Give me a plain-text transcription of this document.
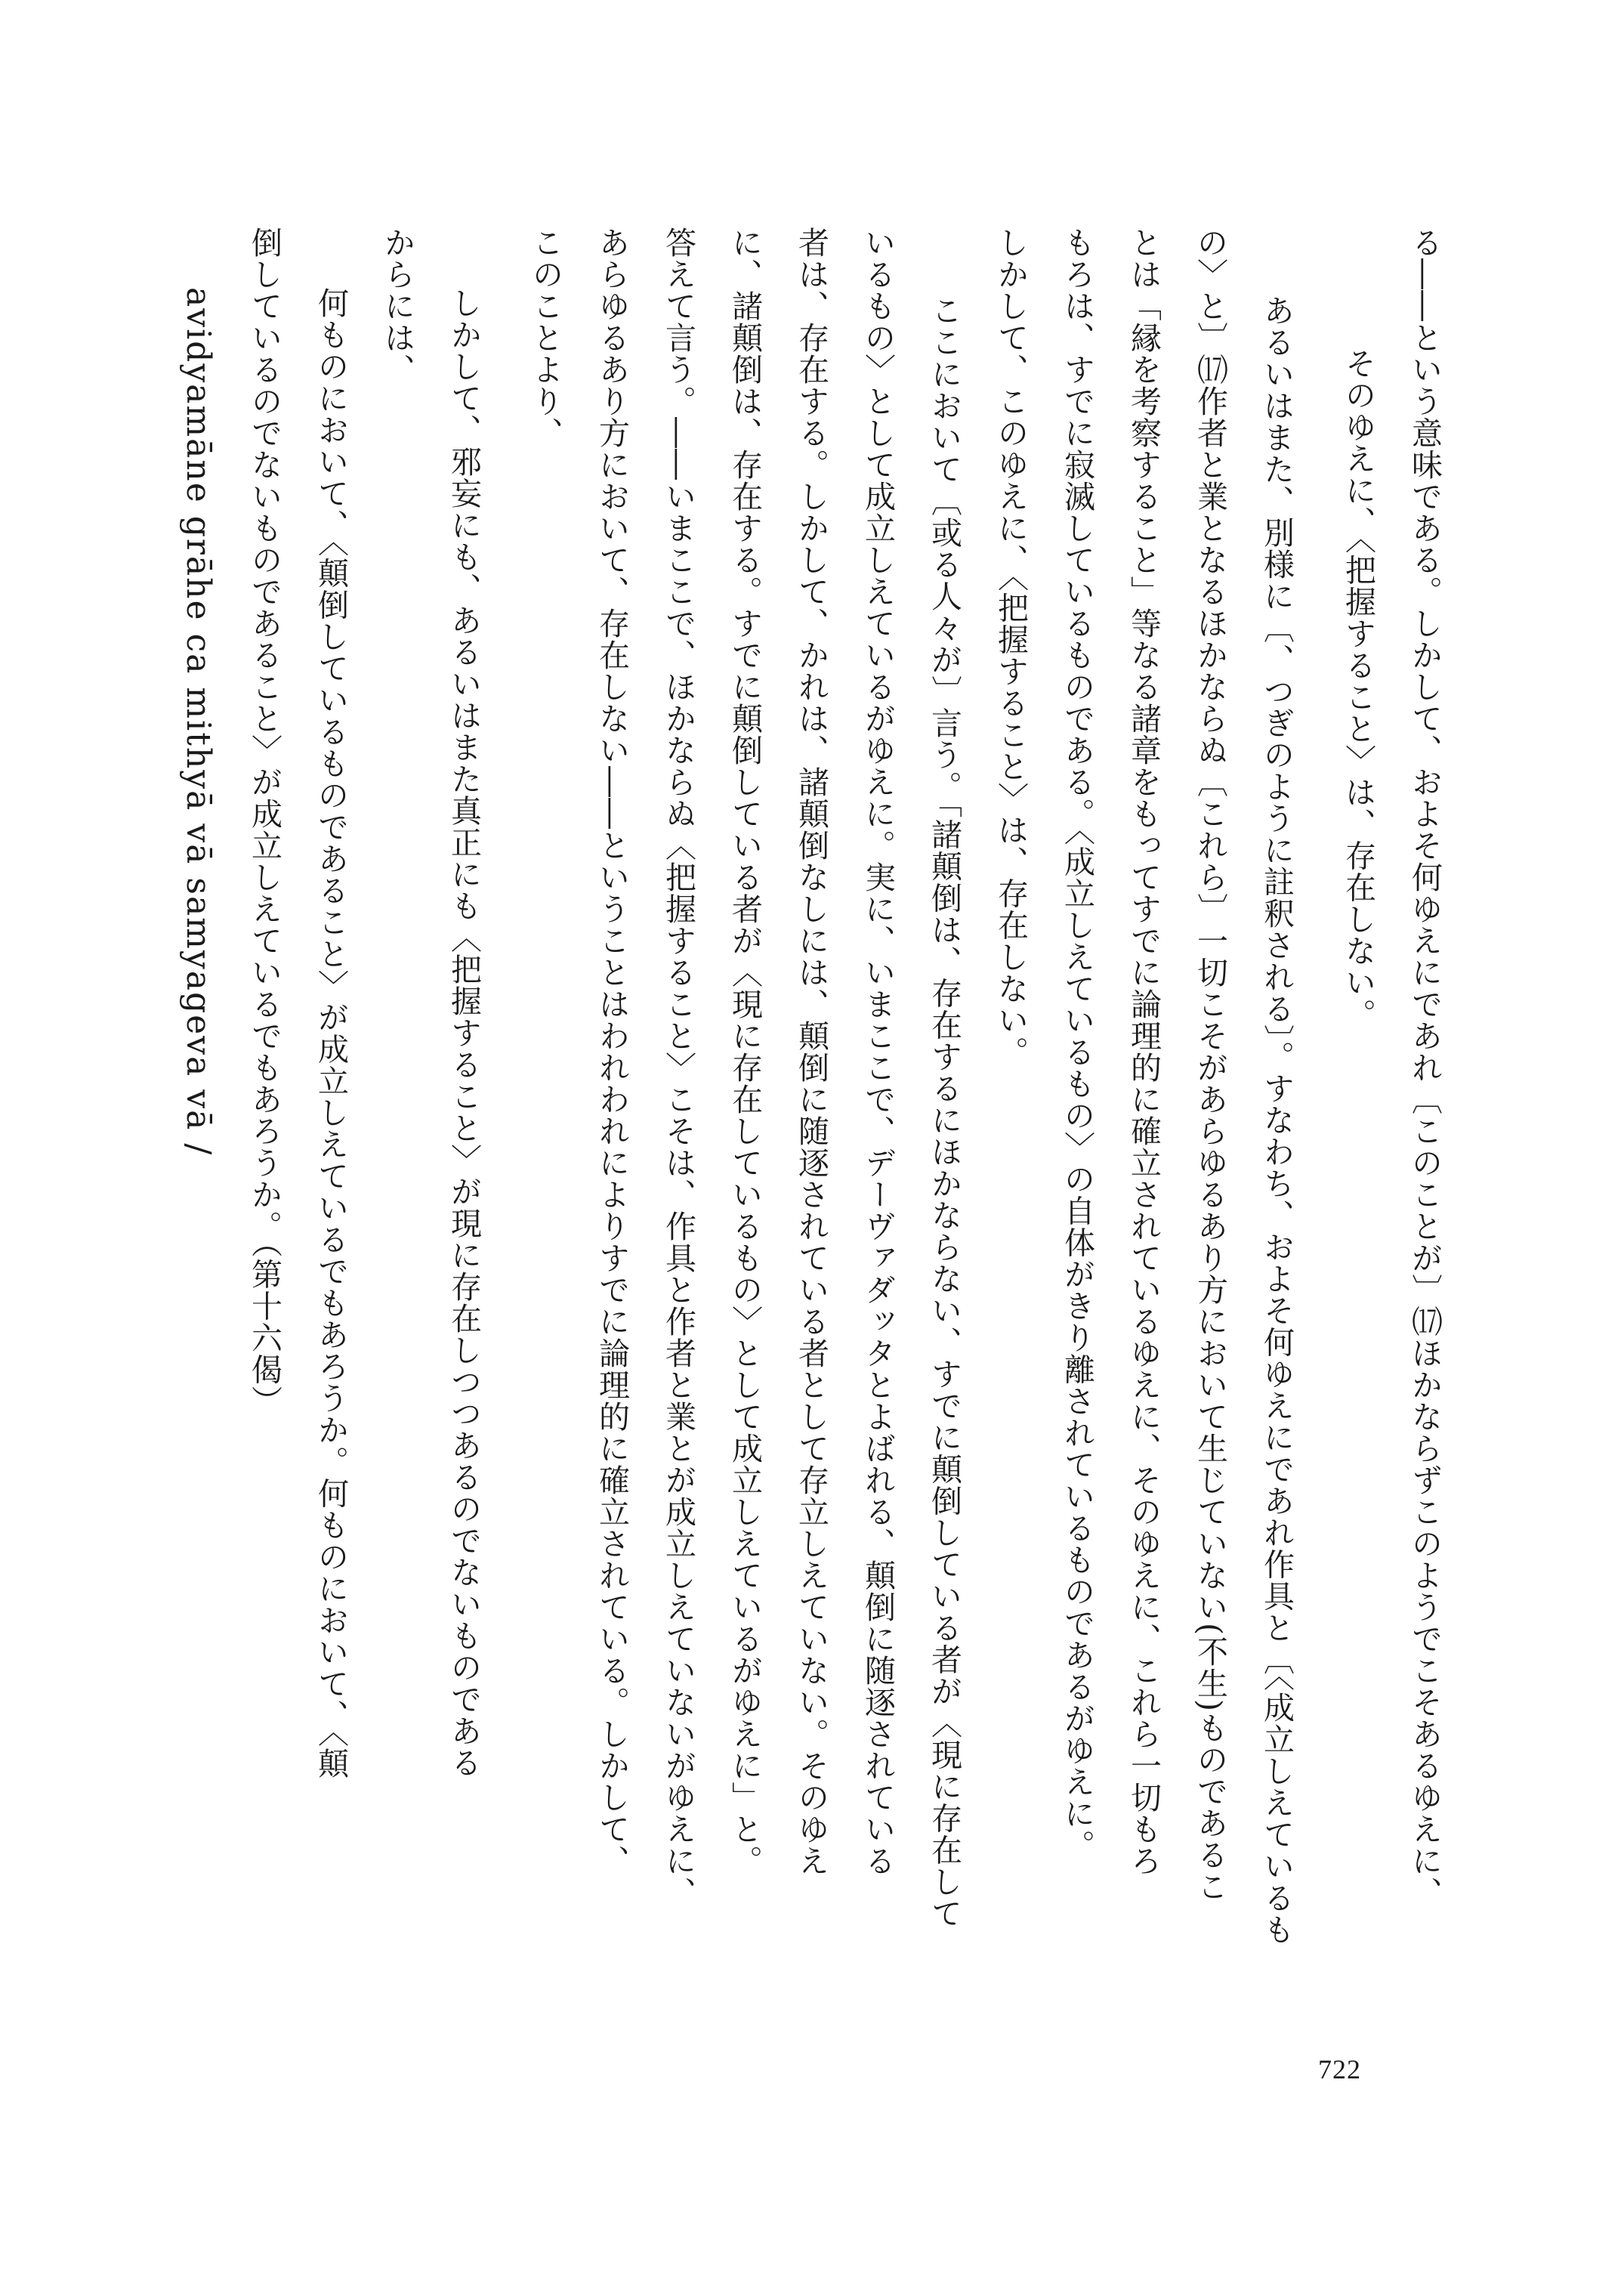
る――という意味である。しかして、およそ何ゆえにであれ〔このことが〕⒄ほかならずこのようでこそあるゆえに、
そのゆえに、〈把握すること〉は、存在しない。
あるいはまた、別様に〔、つぎのように註釈される〕。すなわち、およそ何ゆえにであれ作具と〔〈成立しえているも
の〉と〕⒄作者と業となるほかならぬ〔これら〕一切こそがあらゆるあり方において生じていない(不生)ものであるこ
とは「縁を考察すること」等なる諸章をもってすでに論理的に確立されているゆえに、そのゆえに、これら一切もろ
もろは、すでに寂滅しているものである。〈成立しえているもの〉の自体がきり離されているものであるがゆえに。
しかして、このゆえに、〈把握すること〉は、存在しない。
ここにおいて〔或る人々が〕言う。「諸顛倒は、存在するにほかならない、すでに顛倒している者が〈現に存在して
いるもの〉として成立しえているがゆえに。実に、いまここで、デーヴァダッタとよばれる、顛倒に随逐されている
者は、存在する。しかして、かれは、諸顛倒なしには、顛倒に随逐されている者として存立しえていない。そのゆえ
に、諸顛倒は、存在する。すでに顛倒している者が〈現に存在しているもの〉として成立しえているがゆえに」と。
答えて言う。――いまここで、ほかならぬ〈把握すること〉こそは、作具と作者と業とが成立しえていないがゆえに、
あらゆるあり方において、存在しない――ということはわれわれによりすでに論理的に確立されている。しかして、
このことより、
しかして、邪妄にも、あるいはまた真正にも〈把握すること〉が現に存在しつつあるのでないものである
からには、
何ものにおいて、〈顛倒しているものであること〉が成立しえているでもあろうか。何ものにおいて、〈顛
倒しているのでないものであること〉が成立しえているでもあろうか。（第十六偈）
avidyamāne grāhe ca mithyā vā samyageva vā /
722
